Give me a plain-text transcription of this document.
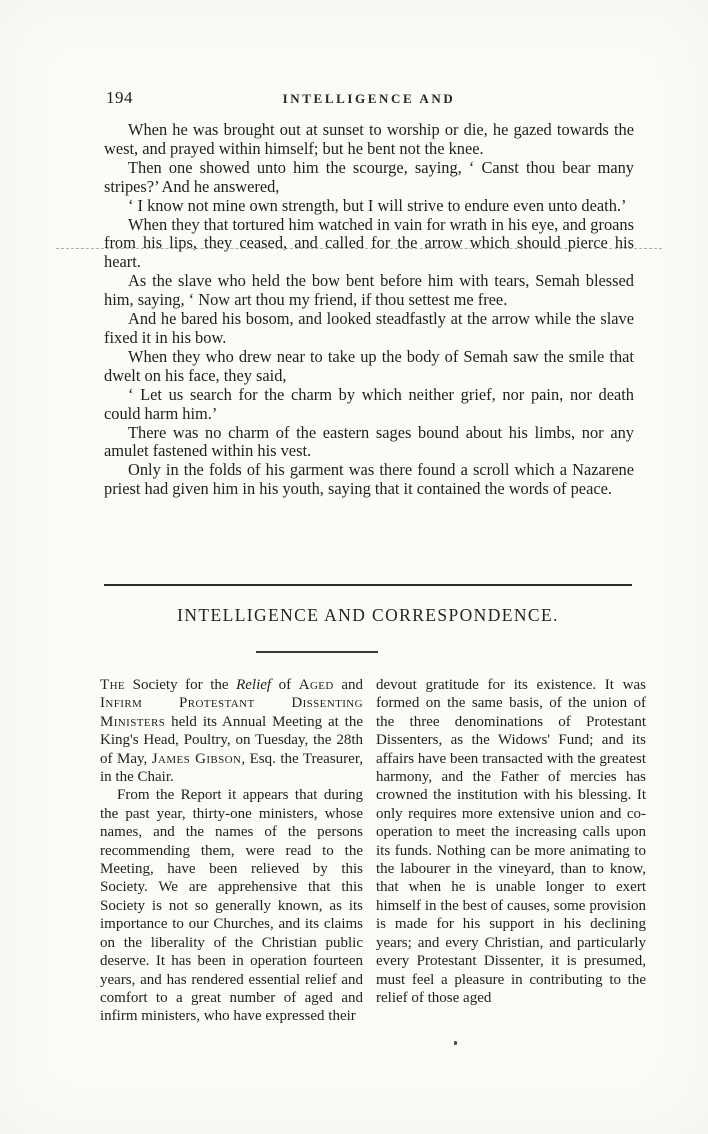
194	INTELLIGENCE AND

When he was brought out at sunset to worship or die, he gazed towards the west, and prayed within himself; but he bent not the knee.

Then one showed unto him the scourge, saying, ‘ Canst thou bear many stripes?’ And he answered,

‘ I know not mine own strength, but I will strive to endure even unto death.’

When they that tortured him watched in vain for wrath in his eye, and groans from his lips, they ceased, and called for the arrow which should pierce his heart.

As the slave who held the bow bent before him with tears, Semah blessed him, saying, ‘ Now art thou my friend, if thou settest me free.

And he bared his bosom, and looked steadfastly at the arrow while the slave fixed it in his bow.

When they who drew near to take up the body of Semah saw the smile that dwelt on his face, they said,

‘ Let us search for the charm by which neither grief, nor pain, nor death could harm him.’

There was no charm of the eastern sages bound about his limbs, nor any amulet fastened within his vest.

Only in the folds of his garment was there found a scroll which a Nazarene priest had given him in his youth, saying that it contained the words of peace.

INTELLIGENCE AND CORRESPONDENCE.

The Society for the Relief of Aged and Infirm Protestant Dissenting Ministers held its Annual Meeting at the King's Head, Poultry, on Tuesday, the 28th of May, James Gibson, Esq. the Treasurer, in the Chair.

From the Report it appears that during the past year, thirty-one ministers, whose names, and the names of the persons recommending them, were read to the Meeting, have been relieved by this Society. We are apprehensive that this Society is not so generally known, as its importance to our Churches, and its claims on the liberality of the Christian public deserve. It has been in operation fourteen years, and has rendered essential relief and comfort to a great number of aged and infirm ministers, who have expressed their

devout gratitude for its existence. It was formed on the same basis, of the union of the three denominations of Protestant Dissenters, as the Widows' Fund; and its affairs have been transacted with the greatest harmony, and the Father of mercies has crowned the institution with his blessing. It only requires more extensive union and co-operation to meet the increasing calls upon its funds. Nothing can be more animating to the labourer in the vineyard, than to know, that when he is unable longer to exert himself in the best of causes, some provision is made for his support in his declining years; and every Christian, and particularly every Protestant Dissenter, it is presumed, must feel a pleasure in contributing to the relief of those aged
